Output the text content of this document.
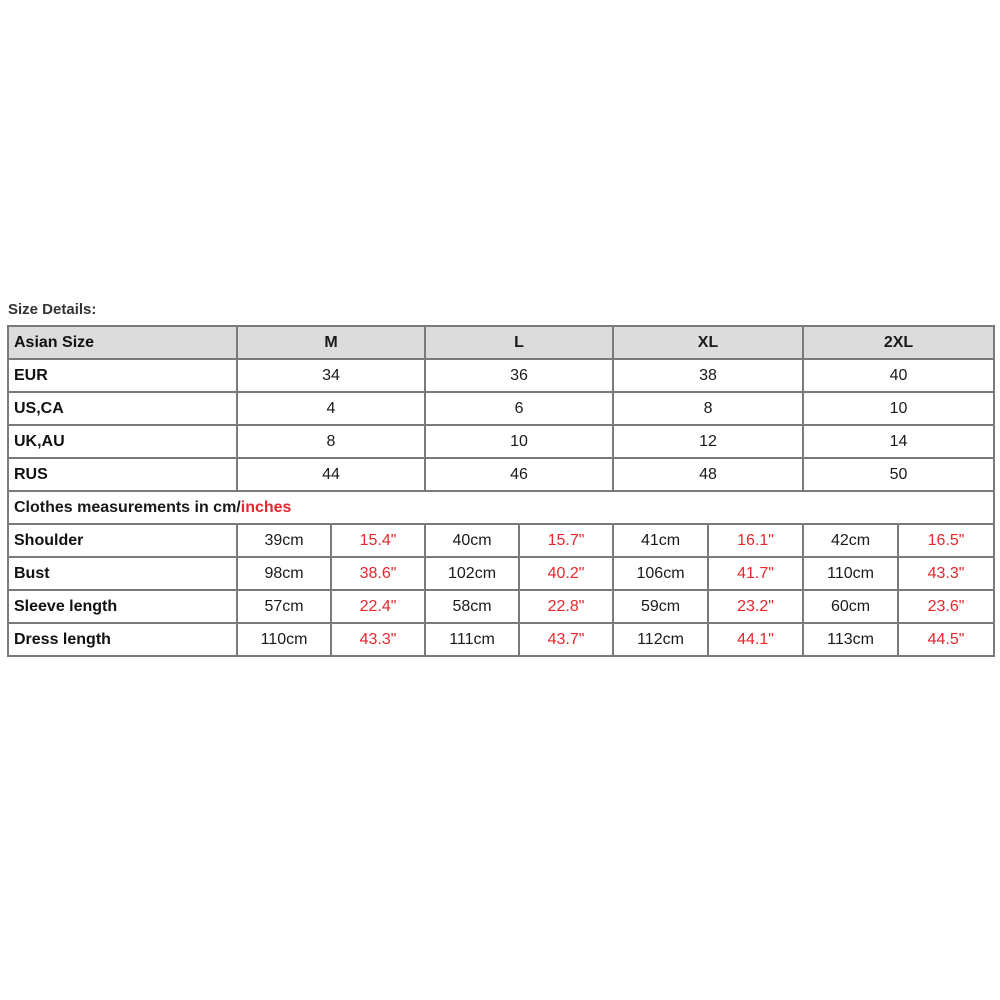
Size Details:
Asian Size	M		L		XL		2XL	
EUR	34		36		38		40	
US,CA	4		6		8		10	
UK,AU	8		10		12		14	
RUS	44		46		48		50	
Clothes measurements in cm/inches								
Shoulder	39cm	15.4"	40cm	15.7"	41cm	16.1"	42cm	16.5"
Bust	98cm	38.6"	102cm	40.2"	106cm	41.7"	110cm	43.3"
Sleeve length	57cm	22.4"	58cm	22.8"	59cm	23.2"	60cm	23.6"
Dress length	110cm	43.3"	111cm	43.7"	112cm	44.1"	113cm	44.5"
